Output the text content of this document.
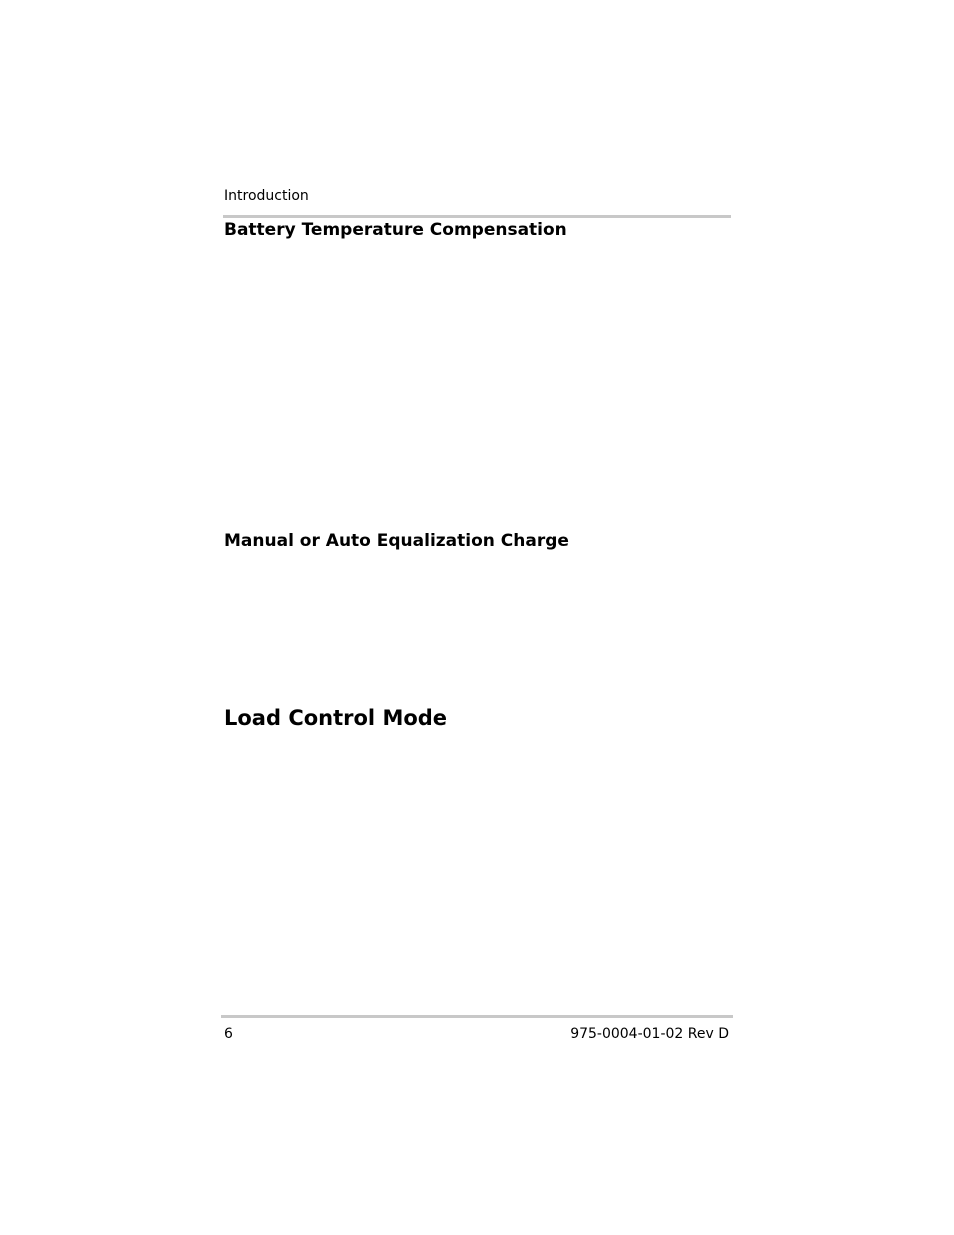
Introduction
Battery Temperature Compensation
Manual or Auto Equalization Charge
Load Control Mode
6	975-0004-01-02 Rev D
